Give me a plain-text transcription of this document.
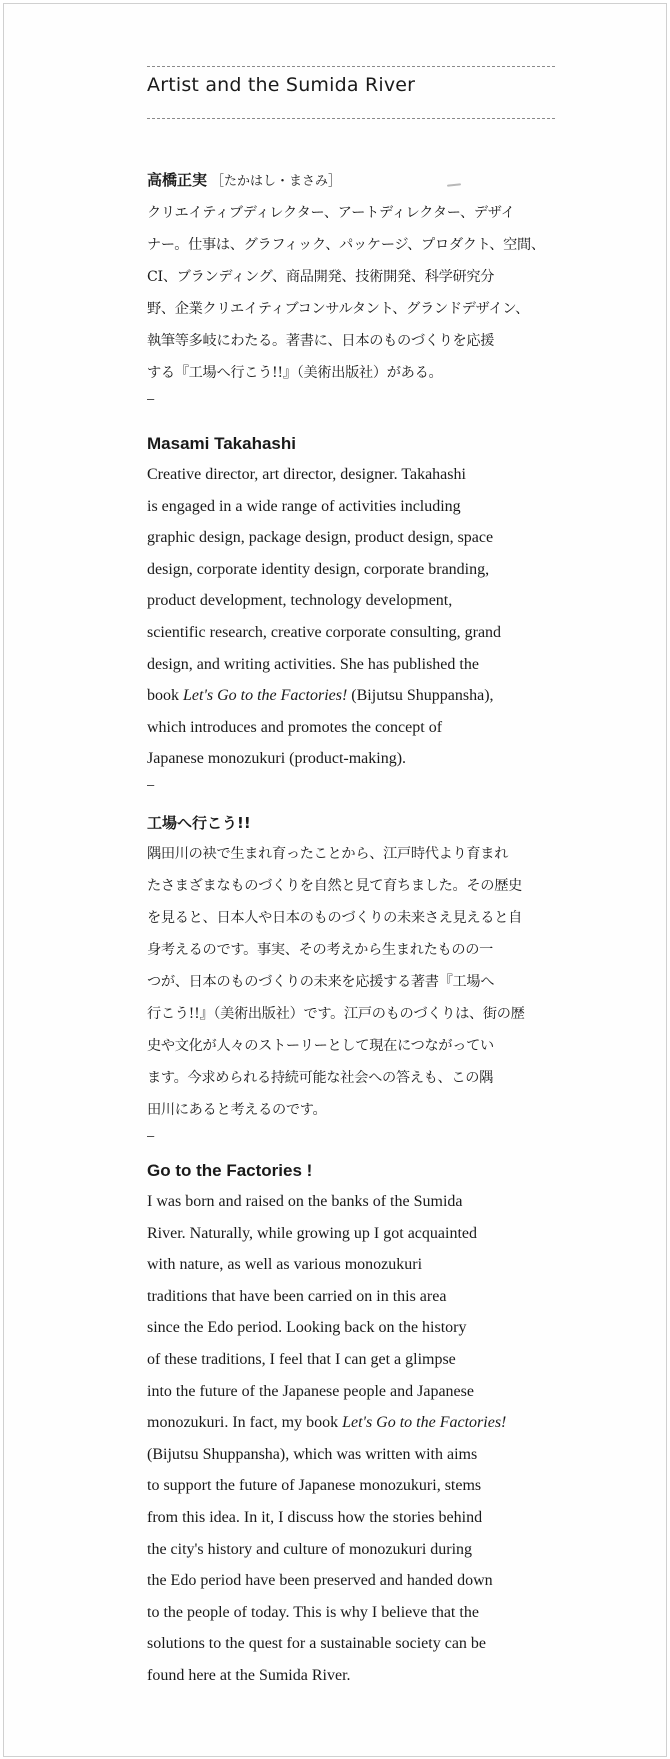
Artist and the Sumida River

高橋正実 ［たかはし・まさみ］

クリエイティブディレクター、アートディレクター、デザイ
ナー。仕事は、グラフィック、パッケージ、プロダクト、空間、
CI、ブランディング、商品開発、技術開発、科学研究分
野、企業クリエイティブコンサルタント、グランドデザイン、
執筆等多岐にわたる。著書に、日本のものづくりを応援
する『工場へ行こう!!』（美術出版社）がある。

–

Masami Takahashi

Creative director, art director, designer. Takahashi
is engaged in a wide range of activities including
graphic design, package design, product design, space
design, corporate identity design, corporate branding,
product development, technology development,
scientific research, creative corporate consulting, grand
design, and writing activities. She has published the
book Let's Go to the Factories! (Bijutsu Shuppansha),
which introduces and promotes the concept of
Japanese monozukuri (product-making).

–

工場へ行こう!!

隅田川の袂で生まれ育ったことから、江戸時代より育まれ
たさまざまなものづくりを自然と見て育ちました。その歴史
を見ると、日本人や日本のものづくりの未来さえ見えると自
身考えるのです。事実、その考えから生まれたものの一
つが、日本のものづくりの未来を応援する著書『工場へ
行こう!!』（美術出版社）です。江戸のものづくりは、街の歴
史や文化が人々のストーリーとして現在につながってい
ます。今求められる持続可能な社会への答えも、この隅
田川にあると考えるのです。

–

Go to the Factories !

I was born and raised on the banks of the Sumida
River. Naturally, while growing up I got acquainted
with nature, as well as various monozukuri
traditions that have been carried on in this area
since the Edo period. Looking back on the history
of these traditions, I feel that I can get a glimpse
into the future of the Japanese people and Japanese
monozukuri. In fact, my book Let's Go to the Factories!
(Bijutsu Shuppansha), which was written with aims
to support the future of Japanese monozukuri, stems
from this idea. In it, I discuss how the stories behind
the city's history and culture of monozukuri during
the Edo period have been preserved and handed down
to the people of today. This is why I believe that the
solutions to the quest for a sustainable society can be
found here at the Sumida River.
